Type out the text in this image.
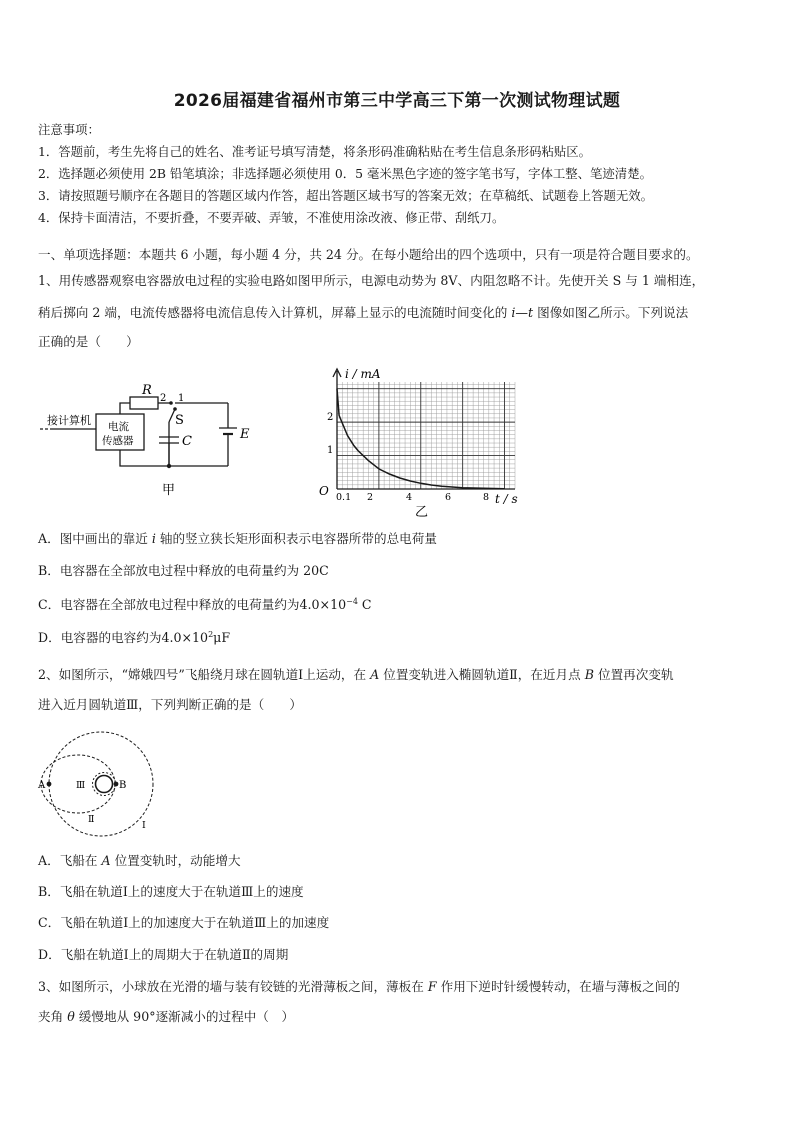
2026届福建省福州市第三中学高三下第一次测试物理试题
注意事项：
1．答题前，考生先将自己的姓名、准考证号填写清楚，将条形码准确粘贴在考生信息条形码粘贴区。
2．选择题必须使用 2B 铅笔填涂；非选择题必须使用 0．5 毫米黑色字迹的签字笔书写，字体工整、笔迹清楚。
3．请按照题号顺序在各题目的答题区域内作答，超出答题区域书写的答案无效；在草稿纸、试题卷上答题无效。
4．保持卡面清洁，不要折叠，不要弄破、弄皱，不准使用涂改液、修正带、刮纸刀。
一、单项选择题：本题共 6 小题，每小题 4 分，共 24 分。在每小题给出的四个选项中，只有一项是符合题目要求的。
1、用传感器观察电容器放电过程的实验电路如图甲所示，电源电动势为 8V、内阻忽略不计。先使开关 S 与 1 端相连，
稍后掷向 2 端，电流传感器将电流信息传入计算机，屏幕上显示的电流随时间变化的 i—t 图像如图乙所示。下列说法
正确的是（　　）
接计算机 电流
传感器
R
2 1
S
C	E
甲
i / mA
t / s
O 0.1 2	4	6	8
2
1
乙
A．图中画出的靠近 i 轴的竖立狭长矩形面积表示电容器所带的总电荷量
B．电容器在全部放电过程中释放的电荷量约为 20C
C．电容器在全部放电过程中释放的电荷量约为$4.0\times 10^{-4}$ C
D．电容器的电容约为$4.0\times 10^2\mu F$
2、如图所示，“嫦娥四号”飞船绕月球在圆轨道Ⅰ上运动，在 A 位置变轨进入椭圆轨道Ⅱ，在近月点 B 位置再次变轨
进入近月圆轨道Ⅲ，下列判断正确的是（　　）
A	B
Ⅲ
Ⅱ
Ⅰ
A．飞船在 A 位置变轨时，动能增大
B．飞船在轨道Ⅰ上的速度大于在轨道Ⅲ上的速度
C．飞船在轨道Ⅰ上的加速度大于在轨道Ⅲ上的加速度
D．飞船在轨道Ⅰ上的周期大于在轨道Ⅱ的周期
3、如图所示，小球放在光滑的墙与装有铰链的光滑薄板之间，薄板在 F 作用下逆时针缓慢转动，在墙与薄板之间的
夹角 θ 缓慢地从 90°逐渐减小的过程中（　）
